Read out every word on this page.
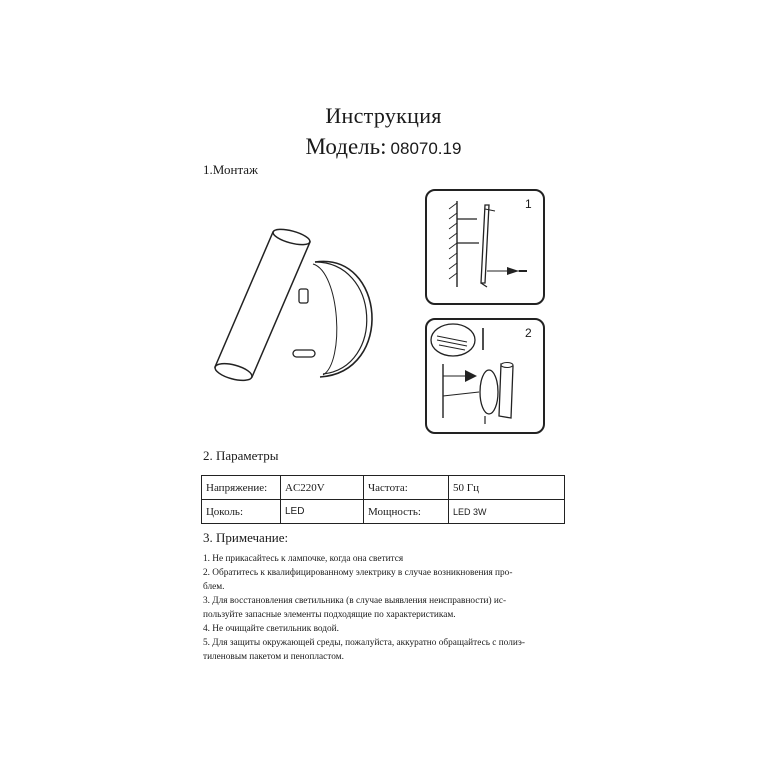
Инструкция
Модель: 08070.19
1.Монтаж
1
2
2. Параметры
Напряжение:	AC220V	Частота:	50 Гц
Цоколь:	LED	Мощность:	LED 3W
3. Примечание:
1. Не прикасайтесь к лампочке, когда она светится
2. Обратитесь к квалифицированному электрику в случае возникновения про-
блем.
3. Для восстановления светильника (в случае выявления неисправности) ис-
пользуйте запасные элементы подходящие по характеристикам.
4. Не очищайте светильник водой.
5. Для защиты окружающей среды, пожалуйста, аккуратно обращайтесь с полиэ-
тиленовым пакетом и пенопластом.
